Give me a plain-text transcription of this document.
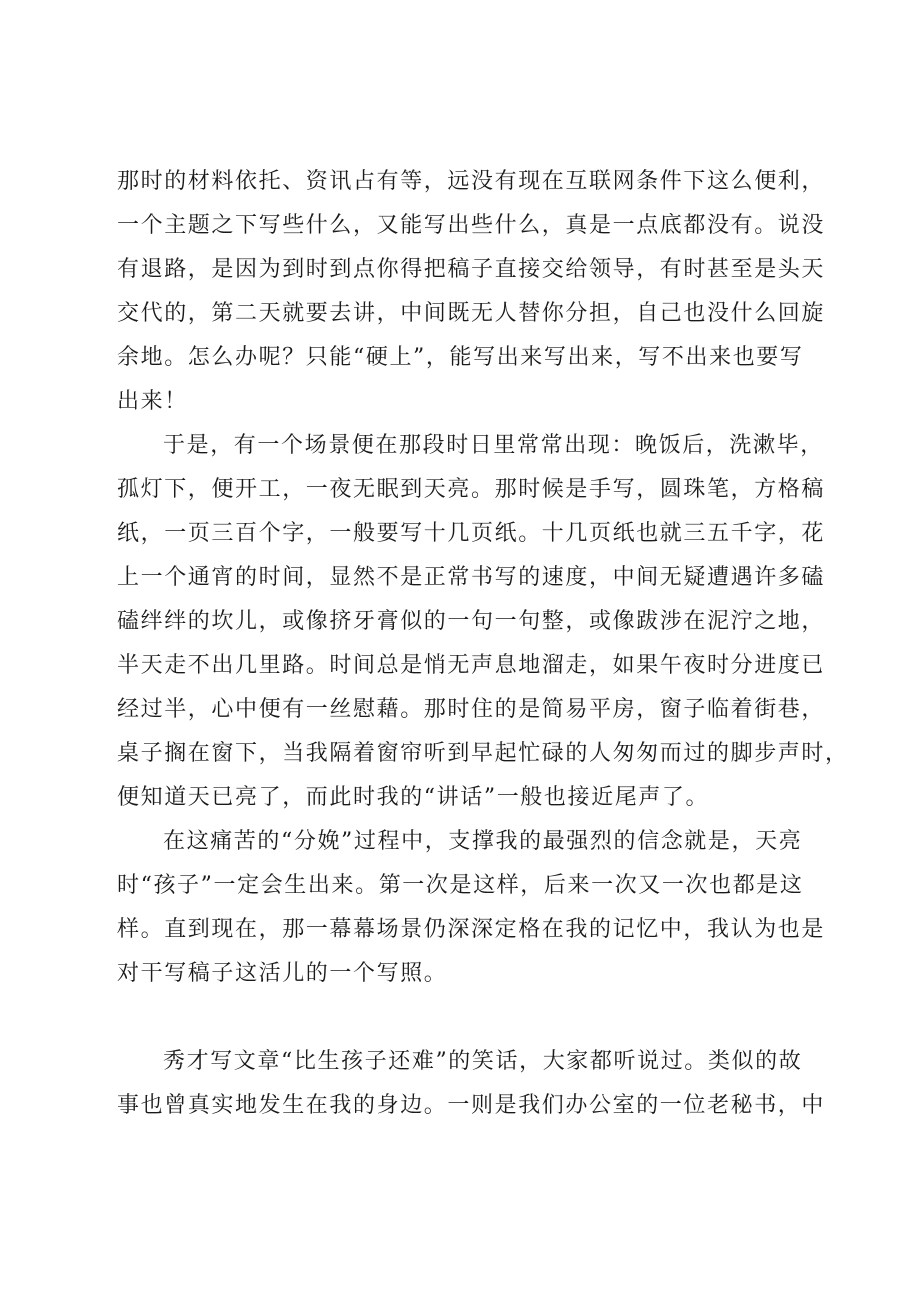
那时的材料依托、资讯占有等，远没有现在互联网条件下这么便利，
一个主题之下写些什么，又能写出些什么，真是一点底都没有。说没
有退路，是因为到时到点你得把稿子直接交给领导，有时甚至是头天
交代的，第二天就要去讲，中间既无人替你分担，自己也没什么回旋
余地。怎么办呢？只能“硬上”，能写出来写出来，写不出来也要写
出来！
于是，有一个场景便在那段时日里常常出现：晚饭后，洗漱毕，
孤灯下，便开工，一夜无眠到天亮。那时候是手写，圆珠笔，方格稿
纸，一页三百个字，一般要写十几页纸。十几页纸也就三五千字，花
上一个通宵的时间，显然不是正常书写的速度，中间无疑遭遇许多磕
磕绊绊的坎儿，或像挤牙膏似的一句一句整，或像跋涉在泥泞之地，
半天走不出几里路。时间总是悄无声息地溜走，如果午夜时分进度已
经过半，心中便有一丝慰藉。那时住的是简易平房，窗子临着街巷，
桌子搁在窗下，当我隔着窗帘听到早起忙碌的人匆匆而过的脚步声时，
便知道天已亮了，而此时我的“讲话”一般也接近尾声了。
在这痛苦的“分娩”过程中，支撑我的最强烈的信念就是，天亮
时“孩子”一定会生出来。第一次是这样，后来一次又一次也都是这
样。直到现在，那一幕幕场景仍深深定格在我的记忆中，我认为也是
对干写稿子这活儿的一个写照。
秀才写文章“比生孩子还难”的笑话，大家都听说过。类似的故
事也曾真实地发生在我的身边。一则是我们办公室的一位老秘书，中
